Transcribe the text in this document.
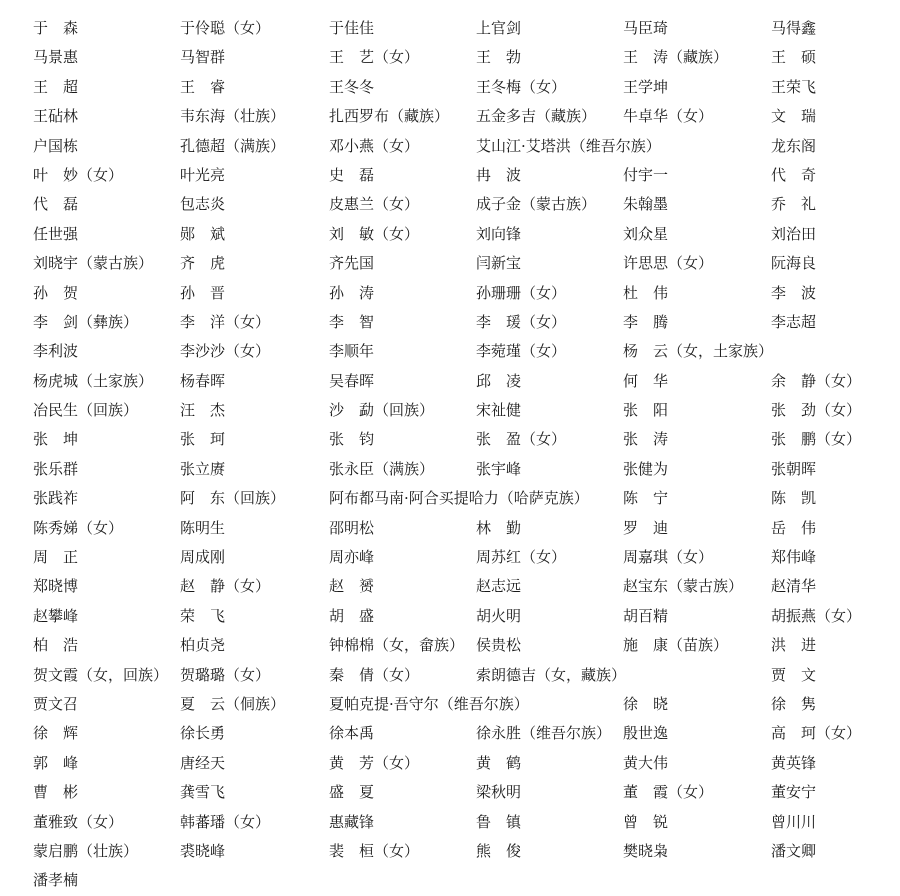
于　森	于伶聪（女）	于佳佳	上官剑	马臣琦	马得鑫
马景惠	马智群	王　艺（女）	王　勃	王　涛（藏族）	王　硕
王　超	王　睿	王冬冬	王冬梅（女）	王学坤	王荣飞
王砧林	韦东海（壮族）	扎西罗布（藏族） 五金多吉（藏族） 牛卓华（女）	文　瑞
户国栋	孔德超（满族）	邓小燕（女）	艾山江·艾塔洪（维吾尔族）	龙东阁
叶　妙（女）	叶光亮	史　磊	冉　波	付宇一	代　奇
代　磊	包志炎	皮惠兰（女）	成子金（蒙古族） 朱翰墨	乔　礼
任世强	郧　斌	刘　敏（女）	刘向锋	刘众星	刘治田
刘晓宇（蒙古族） 齐　虎	齐先国	闫新宝	许思思（女）	阮海良
孙　贺	孙　晋	孙　涛	孙珊珊（女）	杜　伟	李　波
李　剑（彝族）	李　洋（女）	李　智	李　瑗（女）	李　腾	李志超
李利波	李沙沙（女）	李顺年	李菀瑾（女）	杨　云（女，土家族）
杨虎城（土家族） 杨春晖	吴春晖	邱　凌	何　华	余　静（女）
冶民生（回族）	汪　杰	沙　勐（回族）	宋祉健	张　阳	张　劲（女）
张　坤	张　珂	张　钧	张　盈（女）	张　涛	张　鹏（女）
张乐群	张立赓	张永臣（满族）	张宇峰	张健为	张朝晖
张践祚	阿　东（回族）	阿布都马南·阿合买提哈力（哈萨克族） 陈　宁	陈　凯
陈秀娣（女）	陈明生	邵明松	林　勤	罗　迪	岳　伟
周　正	周成刚	周亦峰	周苏红（女）	周嘉琪（女）	郑伟峰
郑晓博	赵　静（女）	赵　赟	赵志远	赵宝东（蒙古族） 赵清华
赵攀峰	荣　飞	胡　盛	胡火明	胡百精	胡振燕（女）
柏　浩	柏贞尧	钟棉棉（女，畲族） 侯贵松	施　康（苗族）	洪　进
贺文霞（女，回族） 贺璐璐（女）	秦　倩（女）	索朗德吉（女，藏族）	贾　文
贾文召	夏　云（侗族）	夏帕克提·吾守尔（维吾尔族）	徐　晓	徐　隽
徐　辉	徐长勇	徐本禹	徐永胜（维吾尔族） 殷世逸	高　珂（女）
郭　峰	唐经天	黄　芳（女）	黄　鹤	黄大伟	黄英锋
曹　彬	龚雪飞	盛　夏	梁秋明	董　霞（女）	董安宁
董雅致（女）	韩蕃璠（女）	惠藏锋	鲁　镇	曾　锐	曾川川
蒙启鹏（壮族）	裘晓峰	裴　桓（女）	熊　俊	樊晓枭	潘文卿
潘孝楠
